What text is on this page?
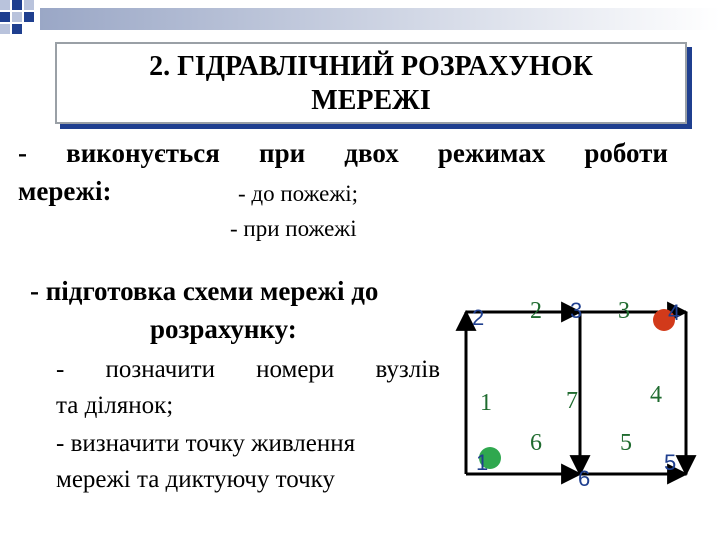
2. ГІДРАВЛІЧНИЙ РОЗРАХУНОК
МЕРЕЖІ
- виконується при двох режимах роботи
мережі:	- до пожежі;
- при пожежі
- підготовка схеми мережі до
розрахунку:
- позначити номери вузлів
та ділянок;
- визначити точку живлення
мережі та диктуючу точку
2	3	4
1
6
5
2	3
1	7	4
6	5
